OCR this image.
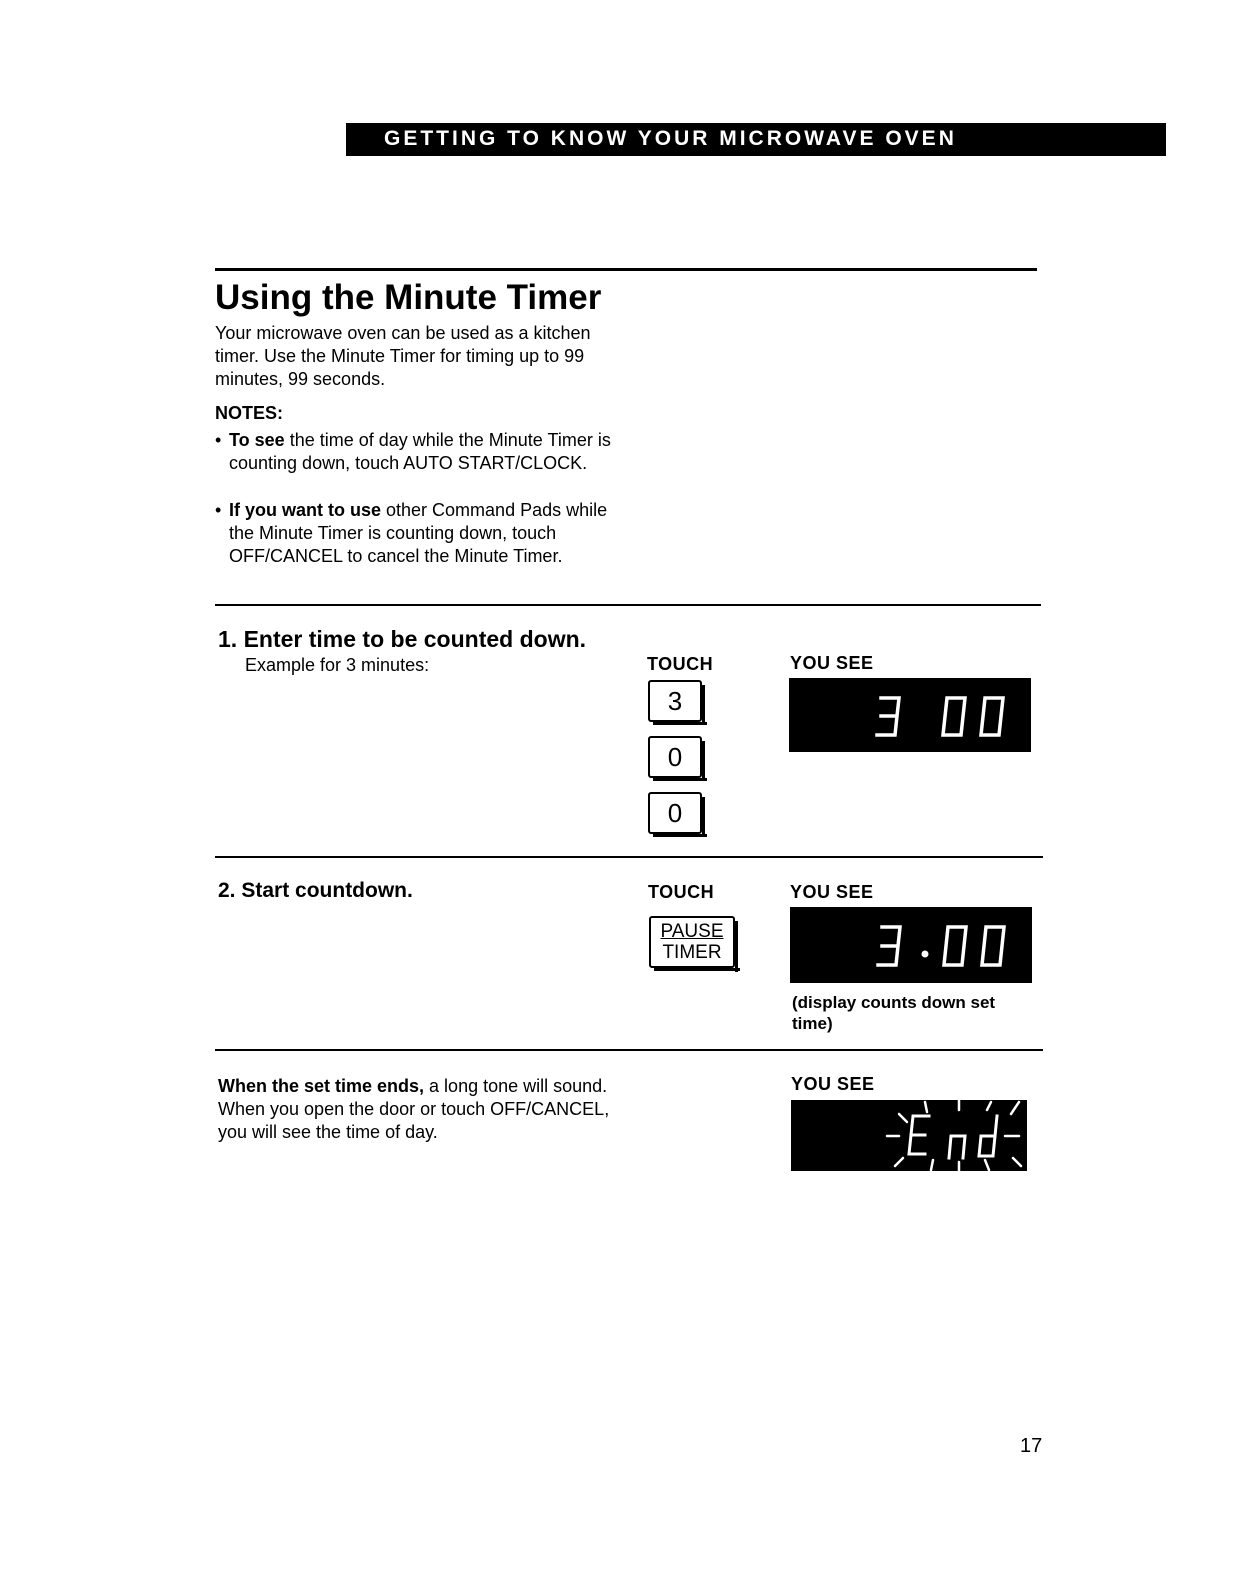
GETTING TO KNOW YOUR MICROWAVE OVEN
Using the Minute Timer
Your microwave oven can be used as a kitchen timer. Use the Minute Timer for timing up to 99 minutes, 99 seconds.
NOTES:
• To see the time of day while the Minute Timer is counting down, touch AUTO START/CLOCK.
• If you want to use other Command Pads while the Minute Timer is counting down, touch OFF/CANCEL to cancel the Minute Timer.
1. Enter time to be counted down.
Example for 3 minutes:	TOUCH	YOU SEE
3
0
0
2. Start countdown.	TOUCH	YOU SEE
PAUSE
TIMER
(display counts down set time)
When the set time ends, a long tone will sound. When you open the door or touch OFF/CANCEL, you will see the time of day.
YOU SEE
17
